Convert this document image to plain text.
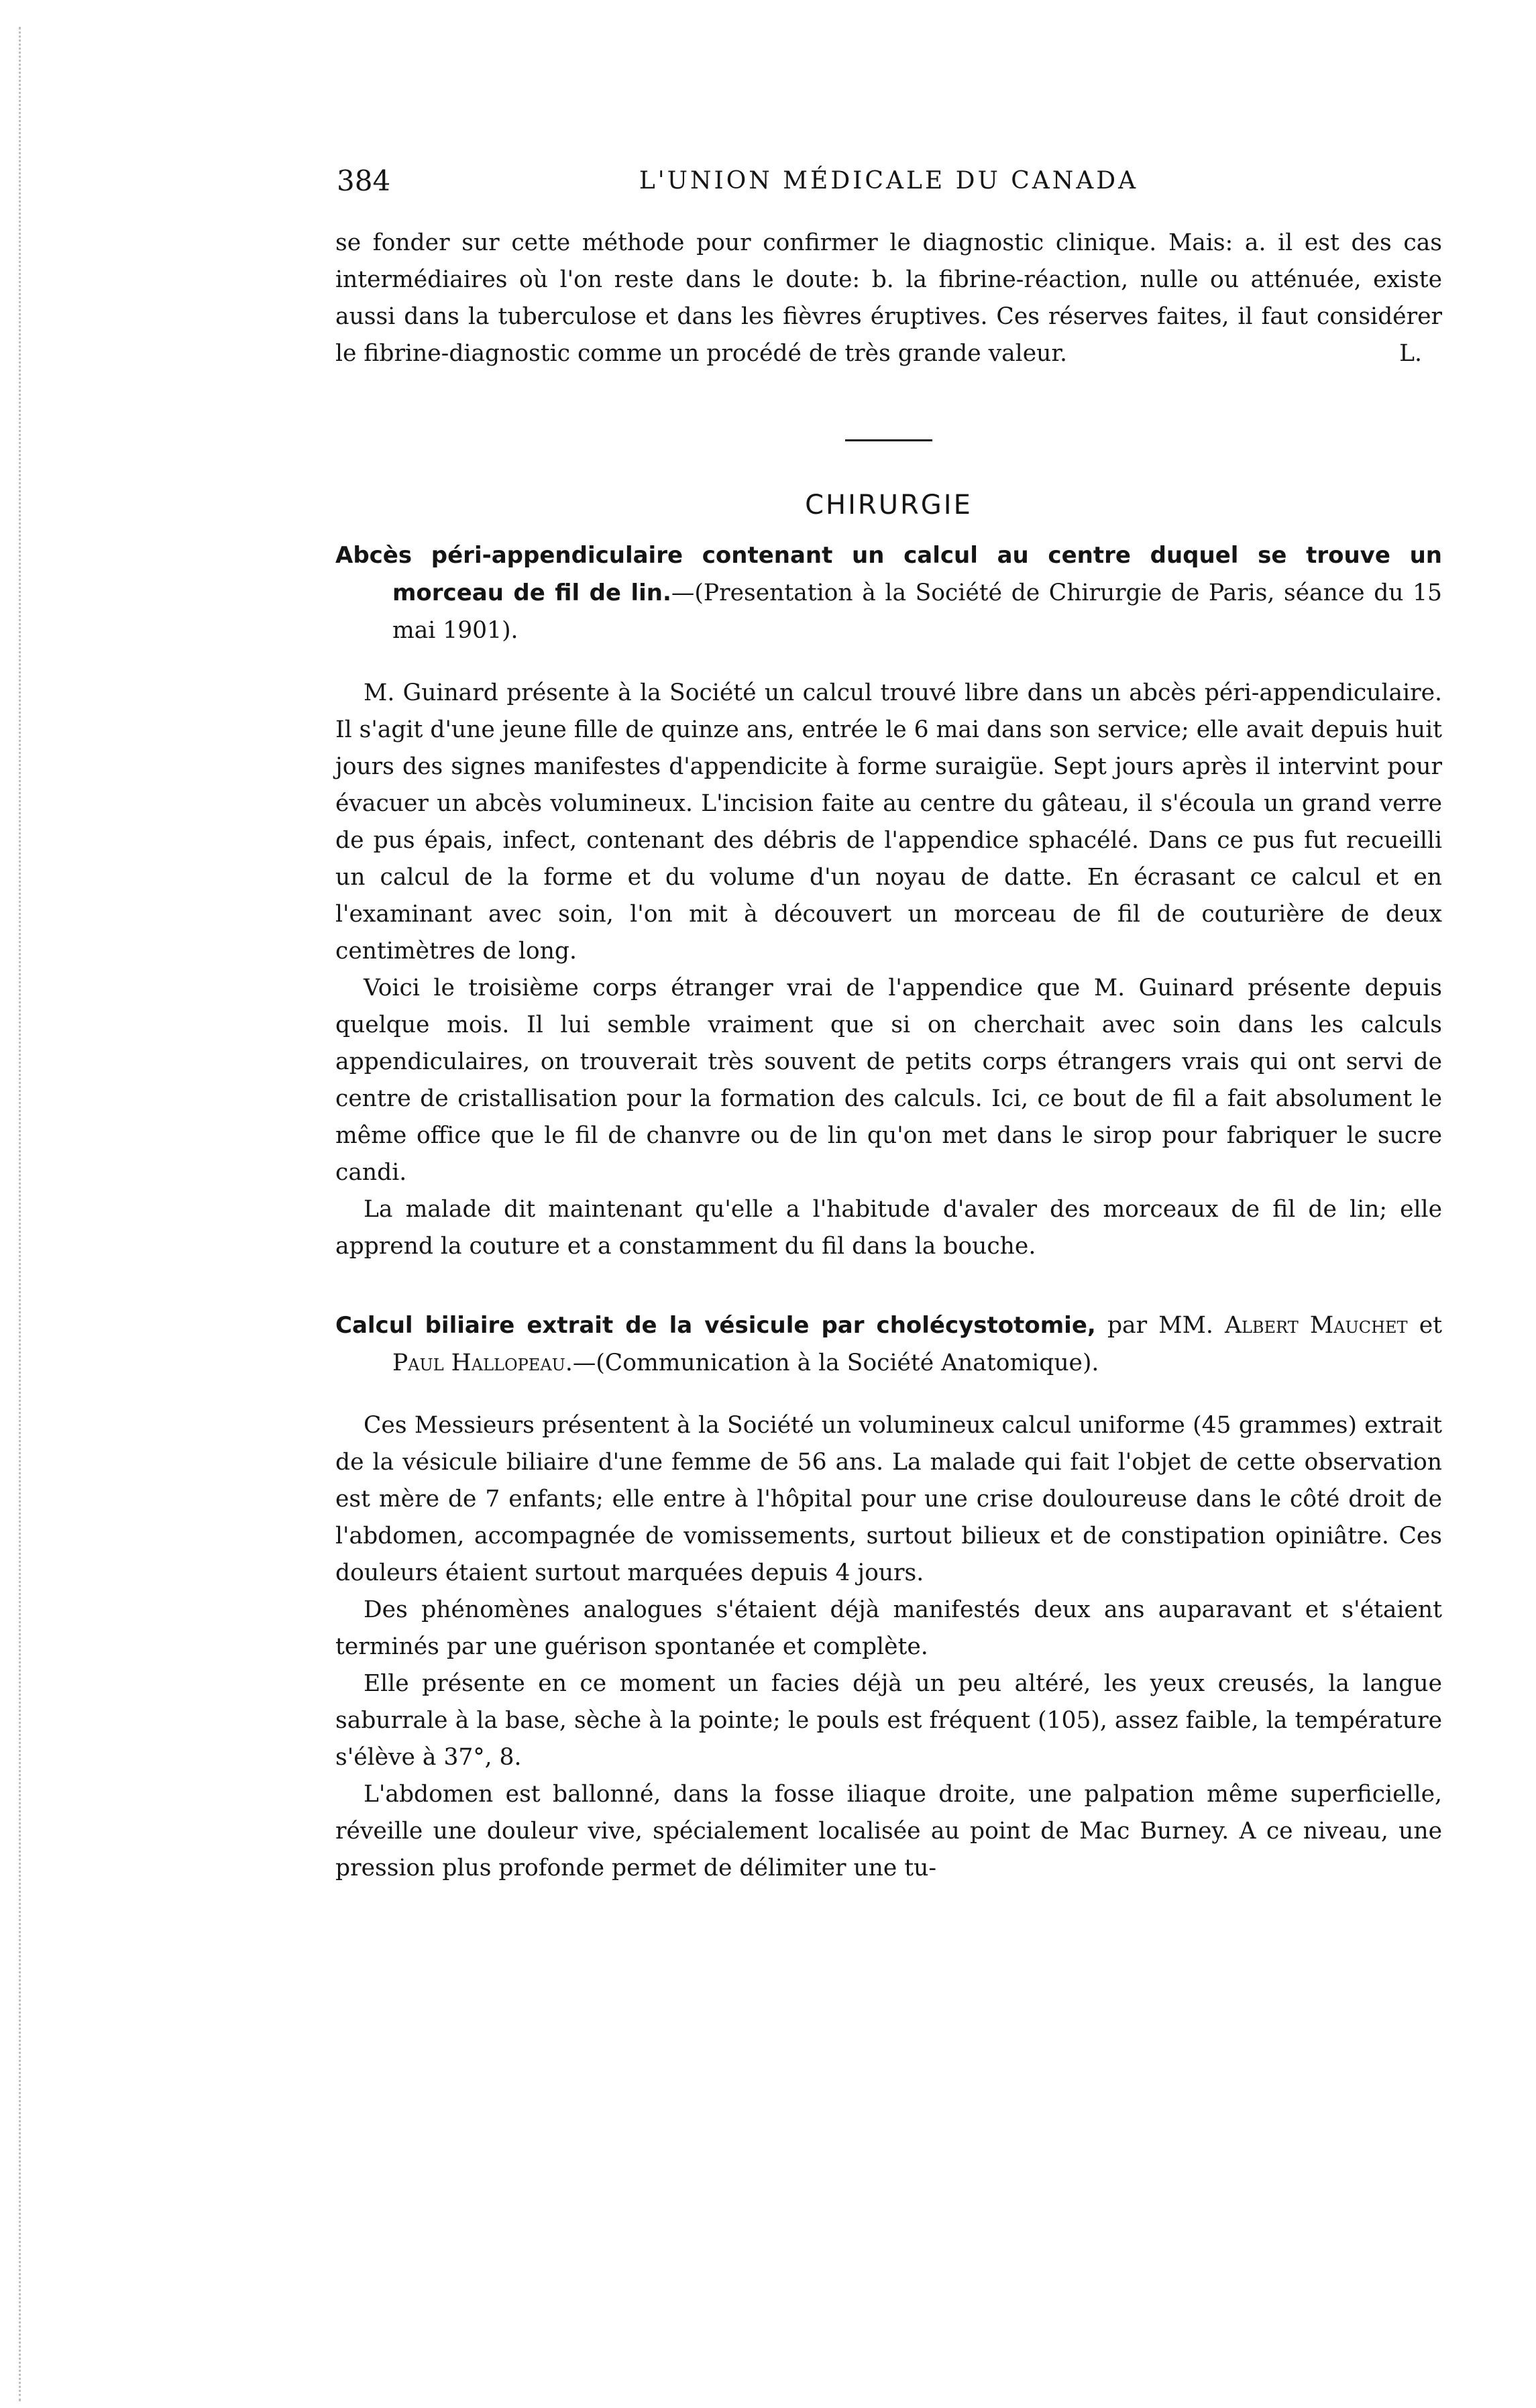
384	L'UNION MÉDICALE DU CANADA

se fonder sur cette méthode pour confirmer le diagnostic clinique. Mais: a. il est des cas intermédiaires où l'on reste dans le doute: b. la fibrine-réaction, nulle ou atténuée, existe aussi dans la tuberculose et dans les fièvres éruptives. Ces réserves faites, il faut considérer le fibrine-diagnostic comme un procédé de très grande valeur.	L.

CHIRURGIE
Abcès péri-appendiculaire contenant un calcul au centre duquel se trouve un morceau de fil de lin.—(Presentation à la Société de Chirurgie de Paris, séance du 15 mai 1901).

M. Guinard présente à la Société un calcul trouvé libre dans un abcès péri-appendiculaire. Il s'agit d'une jeune fille de quinze ans, entrée le 6 mai dans son service; elle avait depuis huit jours des signes manifestes d'appendicite à forme suraigüe. Sept jours après il intervint pour évacuer un abcès volumineux. L'incision faite au centre du gâteau, il s'écoula un grand verre de pus épais, infect, contenant des débris de l'appendice sphacélé. Dans ce pus fut recueilli un calcul de la forme et du volume d'un noyau de datte. En écrasant ce calcul et en l'examinant avec soin, l'on mit à découvert un morceau de fil de couturière de deux centimètres de long.

Voici le troisième corps étranger vrai de l'appendice que M. Guinard présente depuis quelque mois. Il lui semble vraiment que si on cherchait avec soin dans les calculs appendiculaires, on trouverait très souvent de petits corps étrangers vrais qui ont servi de centre de cristallisation pour la formation des calculs. Ici, ce bout de fil a fait absolument le même office que le fil de chanvre ou de lin qu'on met dans le sirop pour fabriquer le sucre candi.

La malade dit maintenant qu'elle a l'habitude d'avaler des morceaux de fil de lin; elle apprend la couture et a constamment du fil dans la bouche.

Calcul biliaire extrait de la vésicule par cholécystotomie, par MM. Albert Mauchet et Paul Hallopeau.—(Communication à la Société Anatomique).

Ces Messieurs présentent à la Société un volumineux calcul uniforme (45 grammes) extrait de la vésicule biliaire d'une femme de 56 ans. La malade qui fait l'objet de cette observation est mère de 7 enfants; elle entre à l'hôpital pour une crise douloureuse dans le côté droit de l'abdomen, accompagnée de vomissements, surtout bilieux et de constipation opiniâtre. Ces douleurs étaient surtout marquées depuis 4 jours.

Des phénomènes analogues s'étaient déjà manifestés deux ans auparavant et s'étaient terminés par une guérison spontanée et complète.

Elle présente en ce moment un facies déjà un peu altéré, les yeux creusés, la langue saburrale à la base, sèche à la pointe; le pouls est fréquent (105), assez faible, la température s'élève à 37°, 8.

L'abdomen est ballonné, dans la fosse iliaque droite, une palpation même superficielle, réveille une douleur vive, spécialement localisée au point de Mac Burney. A ce niveau, une pression plus profonde permet de délimiter une tu-
